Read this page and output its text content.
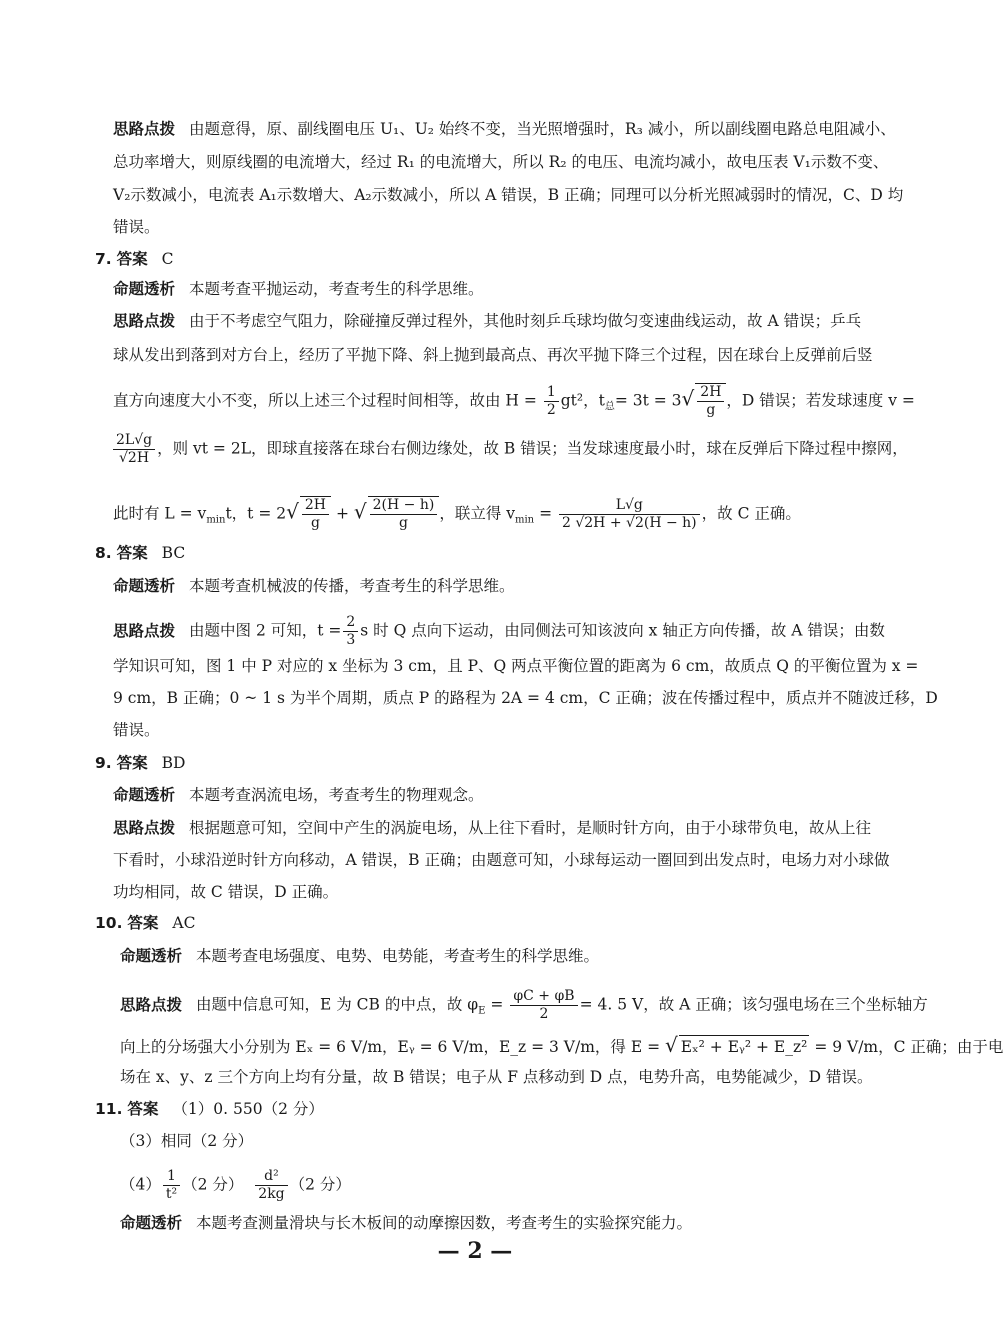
思路点拨 由题意得，原、副线圈电压 U₁、U₂ 始终不变，当光照增强时，R₃ 减小，所以副线圈电路总电阻减小、
总功率增大，则原线圈的电流增大，经过 R₁ 的电流增大，所以 R₂ 的电压、电流均减小，故电压表 V₁示数不变、
V₂示数减小，电流表 A₁示数增大、A₂示数减小，所以 A 错误，B 正确；同理可以分析光照减弱时的情况，C、D 均
错误。
7. 答案 C
命题透析 本题考查平抛运动，考查考生的科学思维。
思路点拨 由于不考虑空气阻力，除碰撞反弹过程外，其他时刻乒乓球均做匀变速曲线运动，故 A 错误；乒乓
球从发出到落到对方台上，经历了平抛下降、斜上抛到最高点、再次平抛下降三个过程，因在球台上反弹前后竖
直方向速度大小不变，所以上述三个过程时间相等，故由 $H = \frac{1}{2} gt^2$，$t_总= 3t = 3√ \frac{2H}{g}$ ，D 错误；若发球速度 v =
$\frac{2L√g}{√2H}$ ，则 vt = 2L，即球直接落在球台右侧边缘处，故 B 错误；当发球速度最小时，球在反弹后下降过程中擦网，
此时有 $L = v_{min}t$，$t = 2√ \frac{2H}{g}$ + √ $\frac{2(H - h)}{g}$ ，联立得 $v_{min} = \frac{L√g}{2 √2H + √2(H - h)}$ ，故 C 正确。
8. 答案 BC
命题透析 本题考查机械波的传播，考查考生的科学思维。
思路点拨 由题中图 2 可知，$t = \frac{2}{3}$ s 时 Q 点向下运动，由同侧法可知该波向 x 轴正方向传播，故 A 错误；由数
学知识可知，图 1 中 P 对应的 x 坐标为 3 cm，且 P、Q 两点平衡位置的距离为 6 cm，故质点 Q 的平衡位置为 x =
9 cm，B 正确；0 ~ 1 s 为半个周期，质点 P 的路程为 2A = 4 cm，C 正确；波在传播过程中，质点并不随波迁移，D
错误。
9. 答案 BD
命题透析 本题考查涡流电场，考查考生的物理观念。
思路点拨 根据题意可知，空间中产生的涡旋电场，从上往下看时，是顺时针方向，由于小球带负电，故从上往
下看时，小球沿逆时针方向移动，A 错误，B 正确；由题意可知，小球每运动一圈回到出发点时，电场力对小球做
功均相同，故 C 错误，D 正确。
10. 答案 AC
命题透析 本题考查电场强度、电势、电势能，考查考生的科学思维。
思路点拨 由题中信息可知，E 为 CB 的中点，故 $\varphi_E = \frac{\varphi C + \varphi B}{2} = 4$. 5 V，故 A 正确；该匀强电场在三个坐标轴方
向上的分场强大小分别为 Eₓ = 6 V/m，Eᵧ = 6 V/m，E_z = 3 V/m，得 E = √ Eₓ² + Eᵧ² + E_z² = 9 V/m，C 正确；由于电
场在 x、y、z 三个方向上均有分量，故 B 错误；电子从 F 点移动到 D 点，电势升高，电势能减少，D 错误。
11. 答案 （1）0. 550（2 分）
（3）相同（2 分）
$(4) \frac{1}{\text{t²}} (2$ 分） $\frac{\text{d²}}{2kg} (2$ 分）
命题透析 本题考查测量滑块与长木板间的动摩擦因数，考查考生的实验探究能力。
— 2 —
